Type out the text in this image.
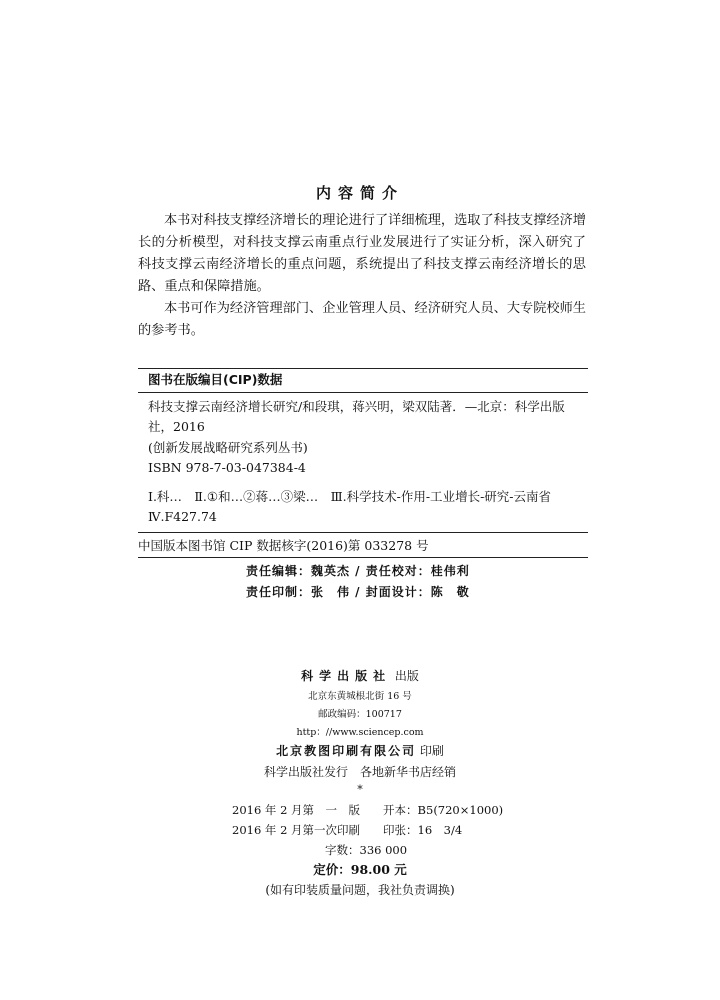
内容简介
本书对科技支撑经济增长的理论进行了详细梳理，选取了科技支撑经济增长的分析模型，对科技支撑云南重点行业发展进行了实证分析，深入研究了科技支撑云南经济增长的重点问题，系统提出了科技支撑云南经济增长的思路、重点和保障措施。
本书可作为经济管理部门、企业管理人员、经济研究人员、大专院校师生的参考书。
图书在版编目(CIP)数据
科技支撑云南经济增长研究/和段琪，蒋兴明，梁双陆著．—北京：科学出版社，2016
(创新发展战略研究系列丛书)
ISBN 978-7-03-047384-4
Ⅰ.科…　Ⅱ.①和…②蒋…③梁…　Ⅲ.科学技术-作用-工业增长-研究-云南省　Ⅳ.F427.74
中国版本图书馆 CIP 数据核字(2016)第 033278 号
责任编辑：魏英杰 / 责任校对：桂伟利
责任印制：张　伟 / 封面设计：陈　敬
科学出版社 出版
北京东黄城根北街 16 号
邮政编码：100717
http：//www.sciencep.com
北京教图印刷有限公司 印刷
科学出版社发行　各地新华书店经销
*
2016 年 2 月第　一　版　　开本：B5(720×1000)
2016 年 2 月第一次印刷　　印张：16　3/4
字数：336 000
定价：98.00 元
(如有印装质量问题，我社负责调换)
